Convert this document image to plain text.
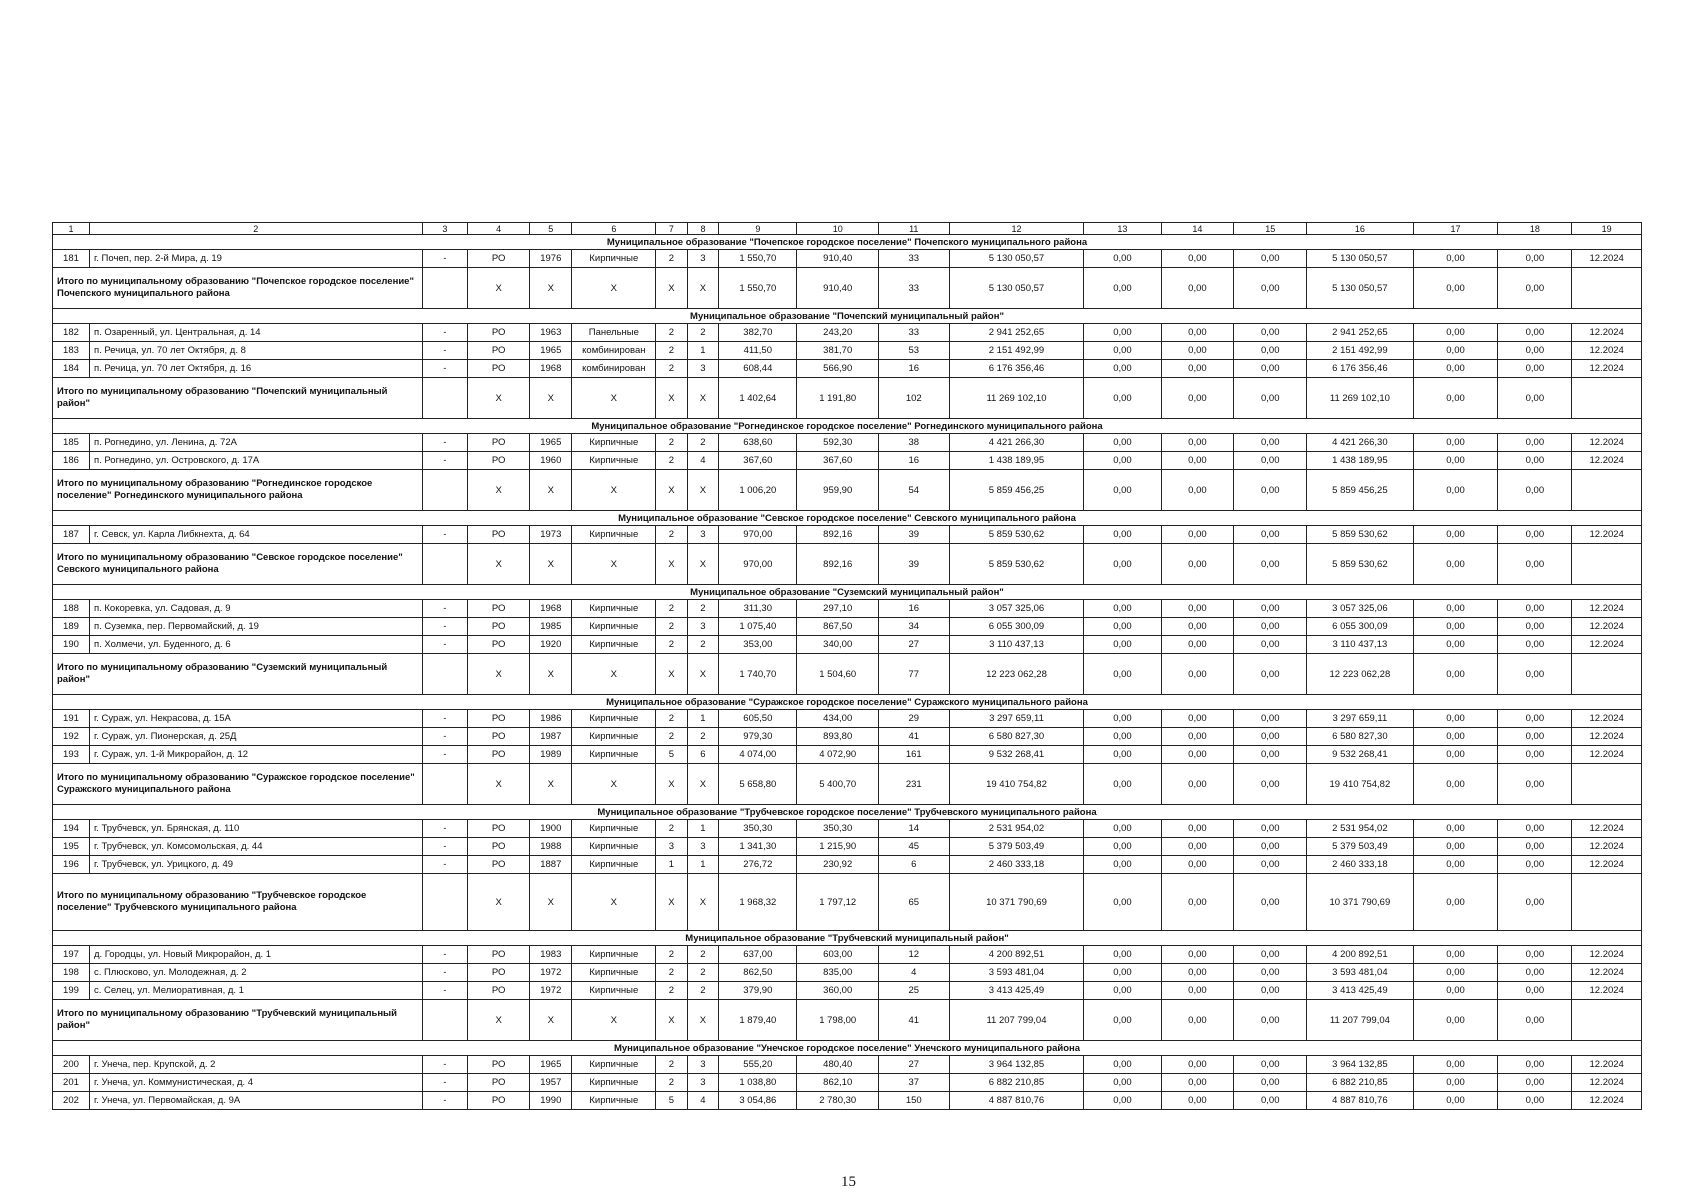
1	2	3	4	5	6	7	8	9	10	11	12	13	14	15	16	17	18	19
Муниципальное образование "Почепское городское поселение" Почепского муниципального района																		
181	г. Почеп, пер. 2-й Мира, д. 19	-	РО	1976	Кирпичные	2	3	1 550,70	910,40	33	5 130 050,57	0,00	0,00	0,00	5 130 050,57	0,00	0,00	12.2024
Итого по муниципальному образованию "Почепское городское поселение" Почепского муниципального района			Х	Х	Х	Х	Х	1 550,70	910,40	33	5 130 050,57	0,00	0,00	0,00	5 130 050,57	0,00	0,00	
Муниципальное образование "Почепский муниципальный район"																		
182	п. Озаренный, ул. Центральная, д. 14	-	РО	1963	Панельные	2	2	382,70	243,20	33	2 941 252,65	0,00	0,00	0,00	2 941 252,65	0,00	0,00	12.2024
183	п. Речица, ул. 70 лет Октября, д. 8	-	РО	1965	комбинирован	2	1	411,50	381,70	53	2 151 492,99	0,00	0,00	0,00	2 151 492,99	0,00	0,00	12.2024
184	п. Речица, ул. 70 лет Октября, д. 16	-	РО	1968	комбинирован	2	3	608,44	566,90	16	6 176 356,46	0,00	0,00	0,00	6 176 356,46	0,00	0,00	12.2024
Итого по муниципальному образованию "Почепский муниципальный район"			Х	Х	Х	Х	Х	1 402,64	1 191,80	102	11 269 102,10	0,00	0,00	0,00	11 269 102,10	0,00	0,00	
Муниципальное образование "Рогнединское городское поселение" Рогнединского муниципального района																		
185	п. Рогнедино, ул. Ленина, д. 72А	-	РО	1965	Кирпичные	2	2	638,60	592,30	38	4 421 266,30	0,00	0,00	0,00	4 421 266,30	0,00	0,00	12.2024
186	п. Рогнедино, ул. Островского, д. 17А	-	РО	1960	Кирпичные	2	4	367,60	367,60	16	1 438 189,95	0,00	0,00	0,00	1 438 189,95	0,00	0,00	12.2024
Итого по муниципальному образованию "Рогнединское городское поселение" Рогнединского муниципального района			Х	Х	Х	Х	Х	1 006,20	959,90	54	5 859 456,25	0,00	0,00	0,00	5 859 456,25	0,00	0,00	
Муниципальное образование "Севское городское поселение" Севского муниципального района																		
187	г. Севск, ул. Карла Либкнехта, д. 64	-	РО	1973	Кирпичные	2	3	970,00	892,16	39	5 859 530,62	0,00	0,00	0,00	5 859 530,62	0,00	0,00	12.2024
Итого по муниципальному образованию "Севское городское поселение" Севского муниципального района			Х	Х	Х	Х	Х	970,00	892,16	39	5 859 530,62	0,00	0,00	0,00	5 859 530,62	0,00	0,00	
Муниципальное образование "Суземский муниципальный район"																		
188	п. Кокоревка, ул. Садовая, д. 9	-	РО	1968	Кирпичные	2	2	311,30	297,10	16	3 057 325,06	0,00	0,00	0,00	3 057 325,06	0,00	0,00	12.2024
189	п. Суземка, пер. Первомайский, д. 19	-	РО	1985	Кирпичные	2	3	1 075,40	867,50	34	6 055 300,09	0,00	0,00	0,00	6 055 300,09	0,00	0,00	12.2024
190	п. Холмечи, ул. Буденного, д. 6	-	РО	1920	Кирпичные	2	2	353,00	340,00	27	3 110 437,13	0,00	0,00	0,00	3 110 437,13	0,00	0,00	12.2024
Итого по муниципальному образованию "Суземский муниципальный район"			Х	Х	Х	Х	Х	1 740,70	1 504,60	77	12 223 062,28	0,00	0,00	0,00	12 223 062,28	0,00	0,00	
Муниципальное образование "Суражское городское поселение" Суражского муниципального района																		
191	г. Сураж, ул. Некрасова, д. 15А	-	РО	1986	Кирпичные	2	1	605,50	434,00	29	3 297 659,11	0,00	0,00	0,00	3 297 659,11	0,00	0,00	12.2024
192	г. Сураж, ул. Пионерская, д. 25Д	-	РО	1987	Кирпичные	2	2	979,30	893,80	41	6 580 827,30	0,00	0,00	0,00	6 580 827,30	0,00	0,00	12.2024
193	г. Сураж, ул. 1-й Микрорайон, д. 12	-	РО	1989	Кирпичные	5	6	4 074,00	4 072,90	161	9 532 268,41	0,00	0,00	0,00	9 532 268,41	0,00	0,00	12.2024
Итого по муниципальному образованию "Суражское городское поселение" Суражского муниципального района			Х	Х	Х	Х	Х	5 658,80	5 400,70	231	19 410 754,82	0,00	0,00	0,00	19 410 754,82	0,00	0,00	
Муниципальное образование "Трубчевское городское поселение" Трубчевского муниципального района																		
194	г. Трубчевск, ул. Брянская, д. 110	-	РО	1900	Кирпичные	2	1	350,30	350,30	14	2 531 954,02	0,00	0,00	0,00	2 531 954,02	0,00	0,00	12.2024
195	г. Трубчевск, ул. Комсомольская, д. 44	-	РО	1988	Кирпичные	3	3	1 341,30	1 215,90	45	5 379 503,49	0,00	0,00	0,00	5 379 503,49	0,00	0,00	12.2024
196	г. Трубчевск, ул. Урицкого, д. 49	-	РО	1887	Кирпичные	1	1	276,72	230,92	6	2 460 333,18	0,00	0,00	0,00	2 460 333,18	0,00	0,00	12.2024
Итого по муниципальному образованию "Трубчевское городское поселение" Трубчевского муниципального района			Х	Х	Х	Х	Х	1 968,32	1 797,12	65	10 371 790,69	0,00	0,00	0,00	10 371 790,69	0,00	0,00	
Муниципальное образование "Трубчевский муниципальный район"																		
197	д. Городцы, ул. Новый Микрорайон, д. 1	-	РО	1983	Кирпичные	2	2	637,00	603,00	12	4 200 892,51	0,00	0,00	0,00	4 200 892,51	0,00	0,00	12.2024
198	с. Плюсково, ул. Молодежная, д. 2	-	РО	1972	Кирпичные	2	2	862,50	835,00	4	3 593 481,04	0,00	0,00	0,00	3 593 481,04	0,00	0,00	12.2024
199	с. Селец, ул. Мелиоративная, д. 1	-	РО	1972	Кирпичные	2	2	379,90	360,00	25	3 413 425,49	0,00	0,00	0,00	3 413 425,49	0,00	0,00	12.2024
Итого по муниципальному образованию "Трубчевский муниципальный район"			Х	Х	Х	Х	Х	1 879,40	1 798,00	41	11 207 799,04	0,00	0,00	0,00	11 207 799,04	0,00	0,00	
Муниципальное образование "Унечское городское поселение" Унечского муниципального района																		
200	г. Унеча, пер. Крупской, д. 2	-	РО	1965	Кирпичные	2	3	555,20	480,40	27	3 964 132,85	0,00	0,00	0,00	3 964 132,85	0,00	0,00	12.2024
201	г. Унеча, ул. Коммунистическая, д. 4	-	РО	1957	Кирпичные	2	3	1 038,80	862,10	37	6 882 210,85	0,00	0,00	0,00	6 882 210,85	0,00	0,00	12.2024
202	г. Унеча, ул. Первомайская, д. 9А	-	РО	1990	Кирпичные	5	4	3 054,86	2 780,30	150	4 887 810,76	0,00	0,00	0,00	4 887 810,76	0,00	0,00	12.2024
15
